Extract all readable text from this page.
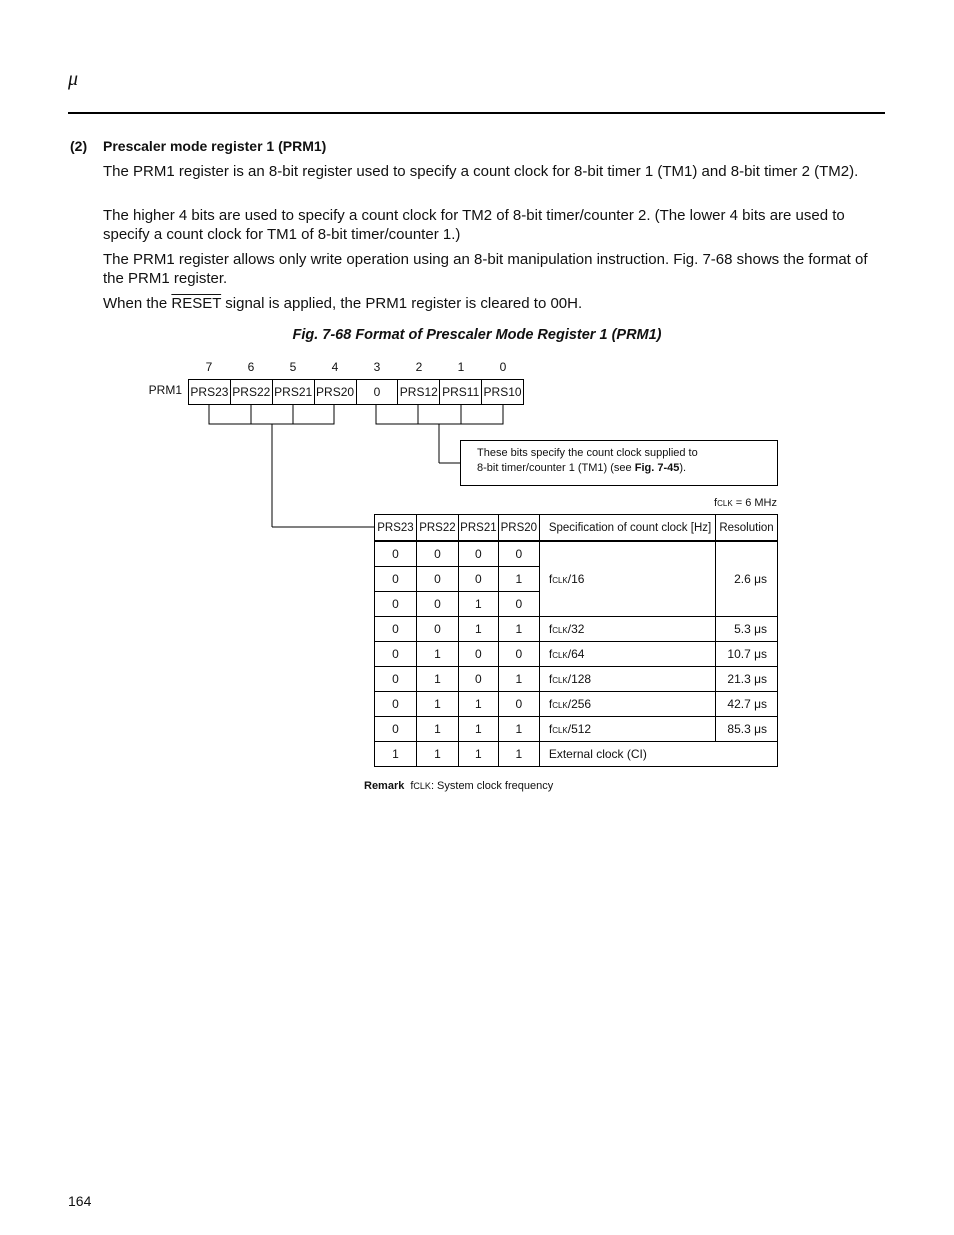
μ
(2) Prescaler mode register 1 (PRM1)
The PRM1 register is an 8-bit register used to specify a count clock for 8-bit timer 1 (TM1) and 8-bit timer 2 (TM2).
The higher 4 bits are used to specify a count clock for TM2 of 8-bit timer/counter 2. (The lower 4 bits are used to specify a count clock for TM1 of 8-bit timer/counter 1.)
The PRM1 register allows only write operation using an 8-bit manipulation instruction. Fig. 7-68 shows the format of the PRM1 register.
When the RESET signal is applied, the PRM1 register is cleared to 00H.
Fig. 7-68 Format of Prescaler Mode Register 1 (PRM1)
7	6	5	4	3	2	1	0
PRM1 PRS23 PRS22 PRS21 PRS20	0	PRS12 PRS11 PRS10
These bits specify the count clock supplied to
8-bit timer/counter 1 (TM1) (see Fig. 7-45).
fCLK = 6 MHz
PRS23	PRS22	PRS21	PRS20	Specification of count clock [Hz]	Resolution
0	0	0	0	fCLK/16	2.6 μs
0	0	0	1		
0	0	1	0		
0	0	1	1	fCLK/32	5.3 μs
0	1	0	0	fCLK/64	10.7 μs
0	1	0	1	fCLK/128	21.3 μs
0	1	1	0	fCLK/256	42.7 μs
0	1	1	1	fCLK/512	85.3 μs
1	1	1	1	External clock (CI)	
Remark fCLK: System clock frequency
164
